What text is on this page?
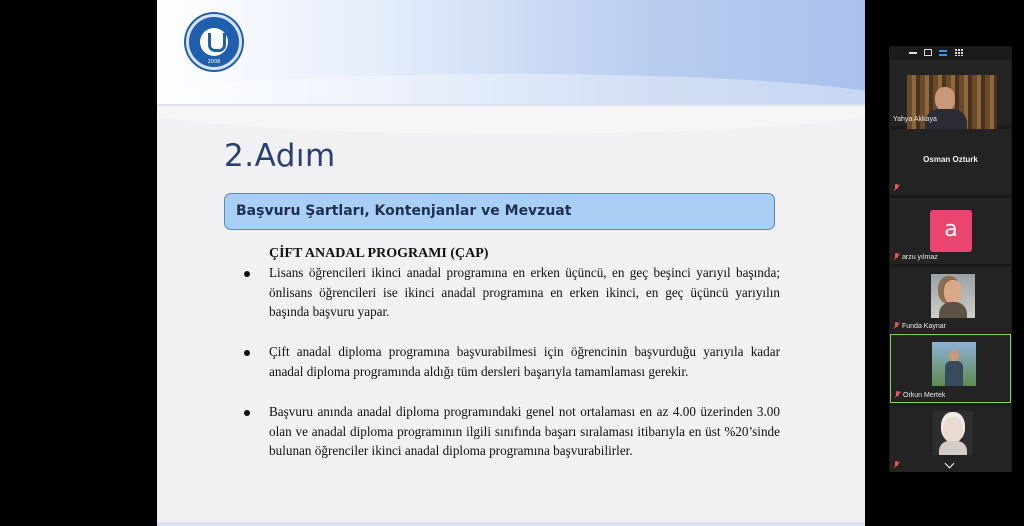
2008
2.Adım
Başvuru Şartları, Kontenjanlar ve Mevzuat
ÇİFT ANADAL PROGRAMI (ÇAP)
Lisans öğrencileri ikinci anadal programına en erken üçüncü, en geç beşinci yarıyıl başında; önlisans öğrencileri ise ikinci anadal programına en erken ikinci, en geç üçüncü yarıyılın başında başvuru yapar.
Çift anadal diploma programına başvurabilmesi için öğrencinin başvurduğu yarıyıla kadar anadal diploma programında aldığı tüm dersleri başarıyla tamamlaması gerekir.
Başvuru anında anadal diploma programındaki genel not ortalaması en az 4.00 üzerinden 3.00 olan ve anadal diploma programının ilgili sınıfında başarı sıralaması itibarıyla en üst %20’sinde bulunan öğrenciler ikinci anadal diploma programına başvurabilirler.
Yahya Akkaya
Osman Ozturk
a
arzu yılmaz
Funda Kaynar
Orkun Mertek
